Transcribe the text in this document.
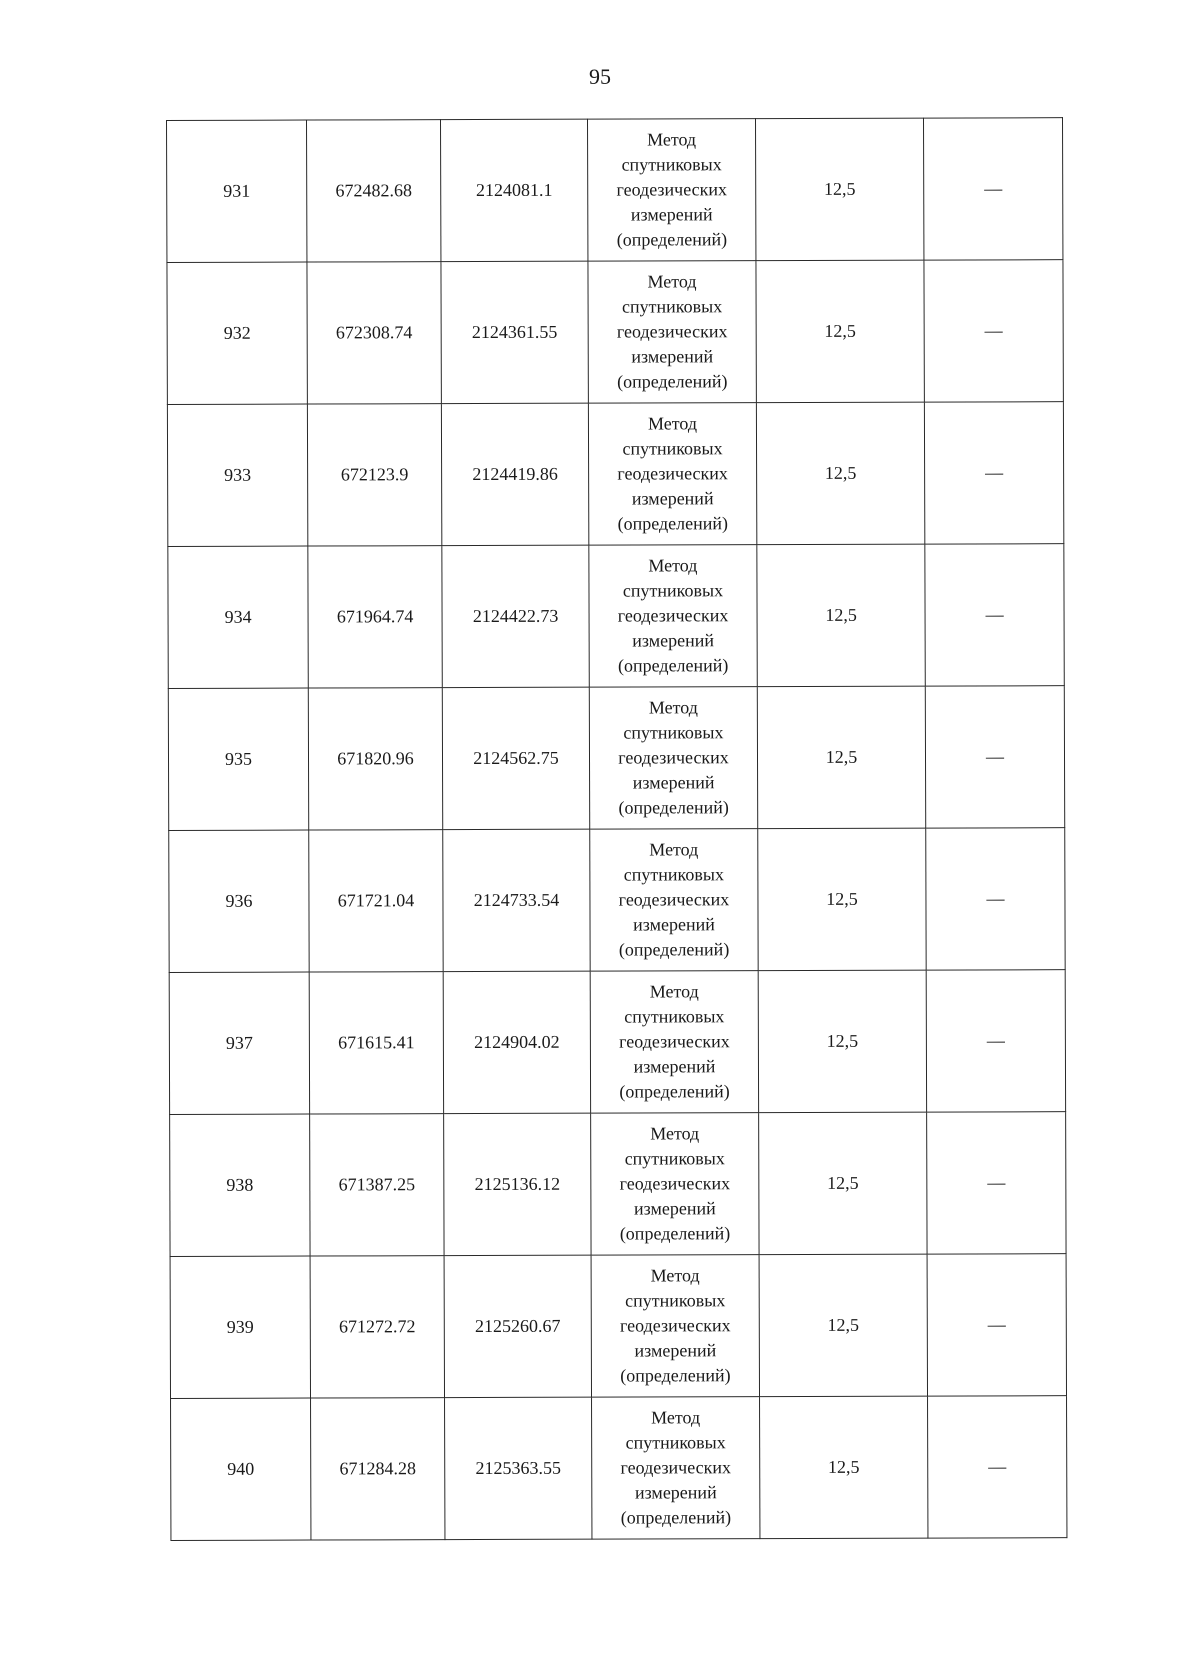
95
931	672482.68	2124081.1	Метод
спутниковых
геодезических
измерений
(определений)	12,5	—
932	672308.74	2124361.55	Метод
спутниковых
геодезических
измерений
(определений)	12,5	—
933	672123.9	2124419.86	Метод
спутниковых
геодезических
измерений
(определений)	12,5	—
934	671964.74	2124422.73	Метод
спутниковых
геодезических
измерений
(определений)	12,5	—
935	671820.96	2124562.75	Метод
спутниковых
геодезических
измерений
(определений)	12,5	—
936	671721.04	2124733.54	Метод
спутниковых
геодезических
измерений
(определений)	12,5	—
937	671615.41	2124904.02	Метод
спутниковых
геодезических
измерений
(определений)	12,5	—
938	671387.25	2125136.12	Метод
спутниковых
геодезических
измерений
(определений)	12,5	—
939	671272.72	2125260.67	Метод
спутниковых
геодезических
измерений
(определений)	12,5	—
940	671284.28	2125363.55	Метод
спутниковых
геодезических
измерений
(определений)	12,5	—
